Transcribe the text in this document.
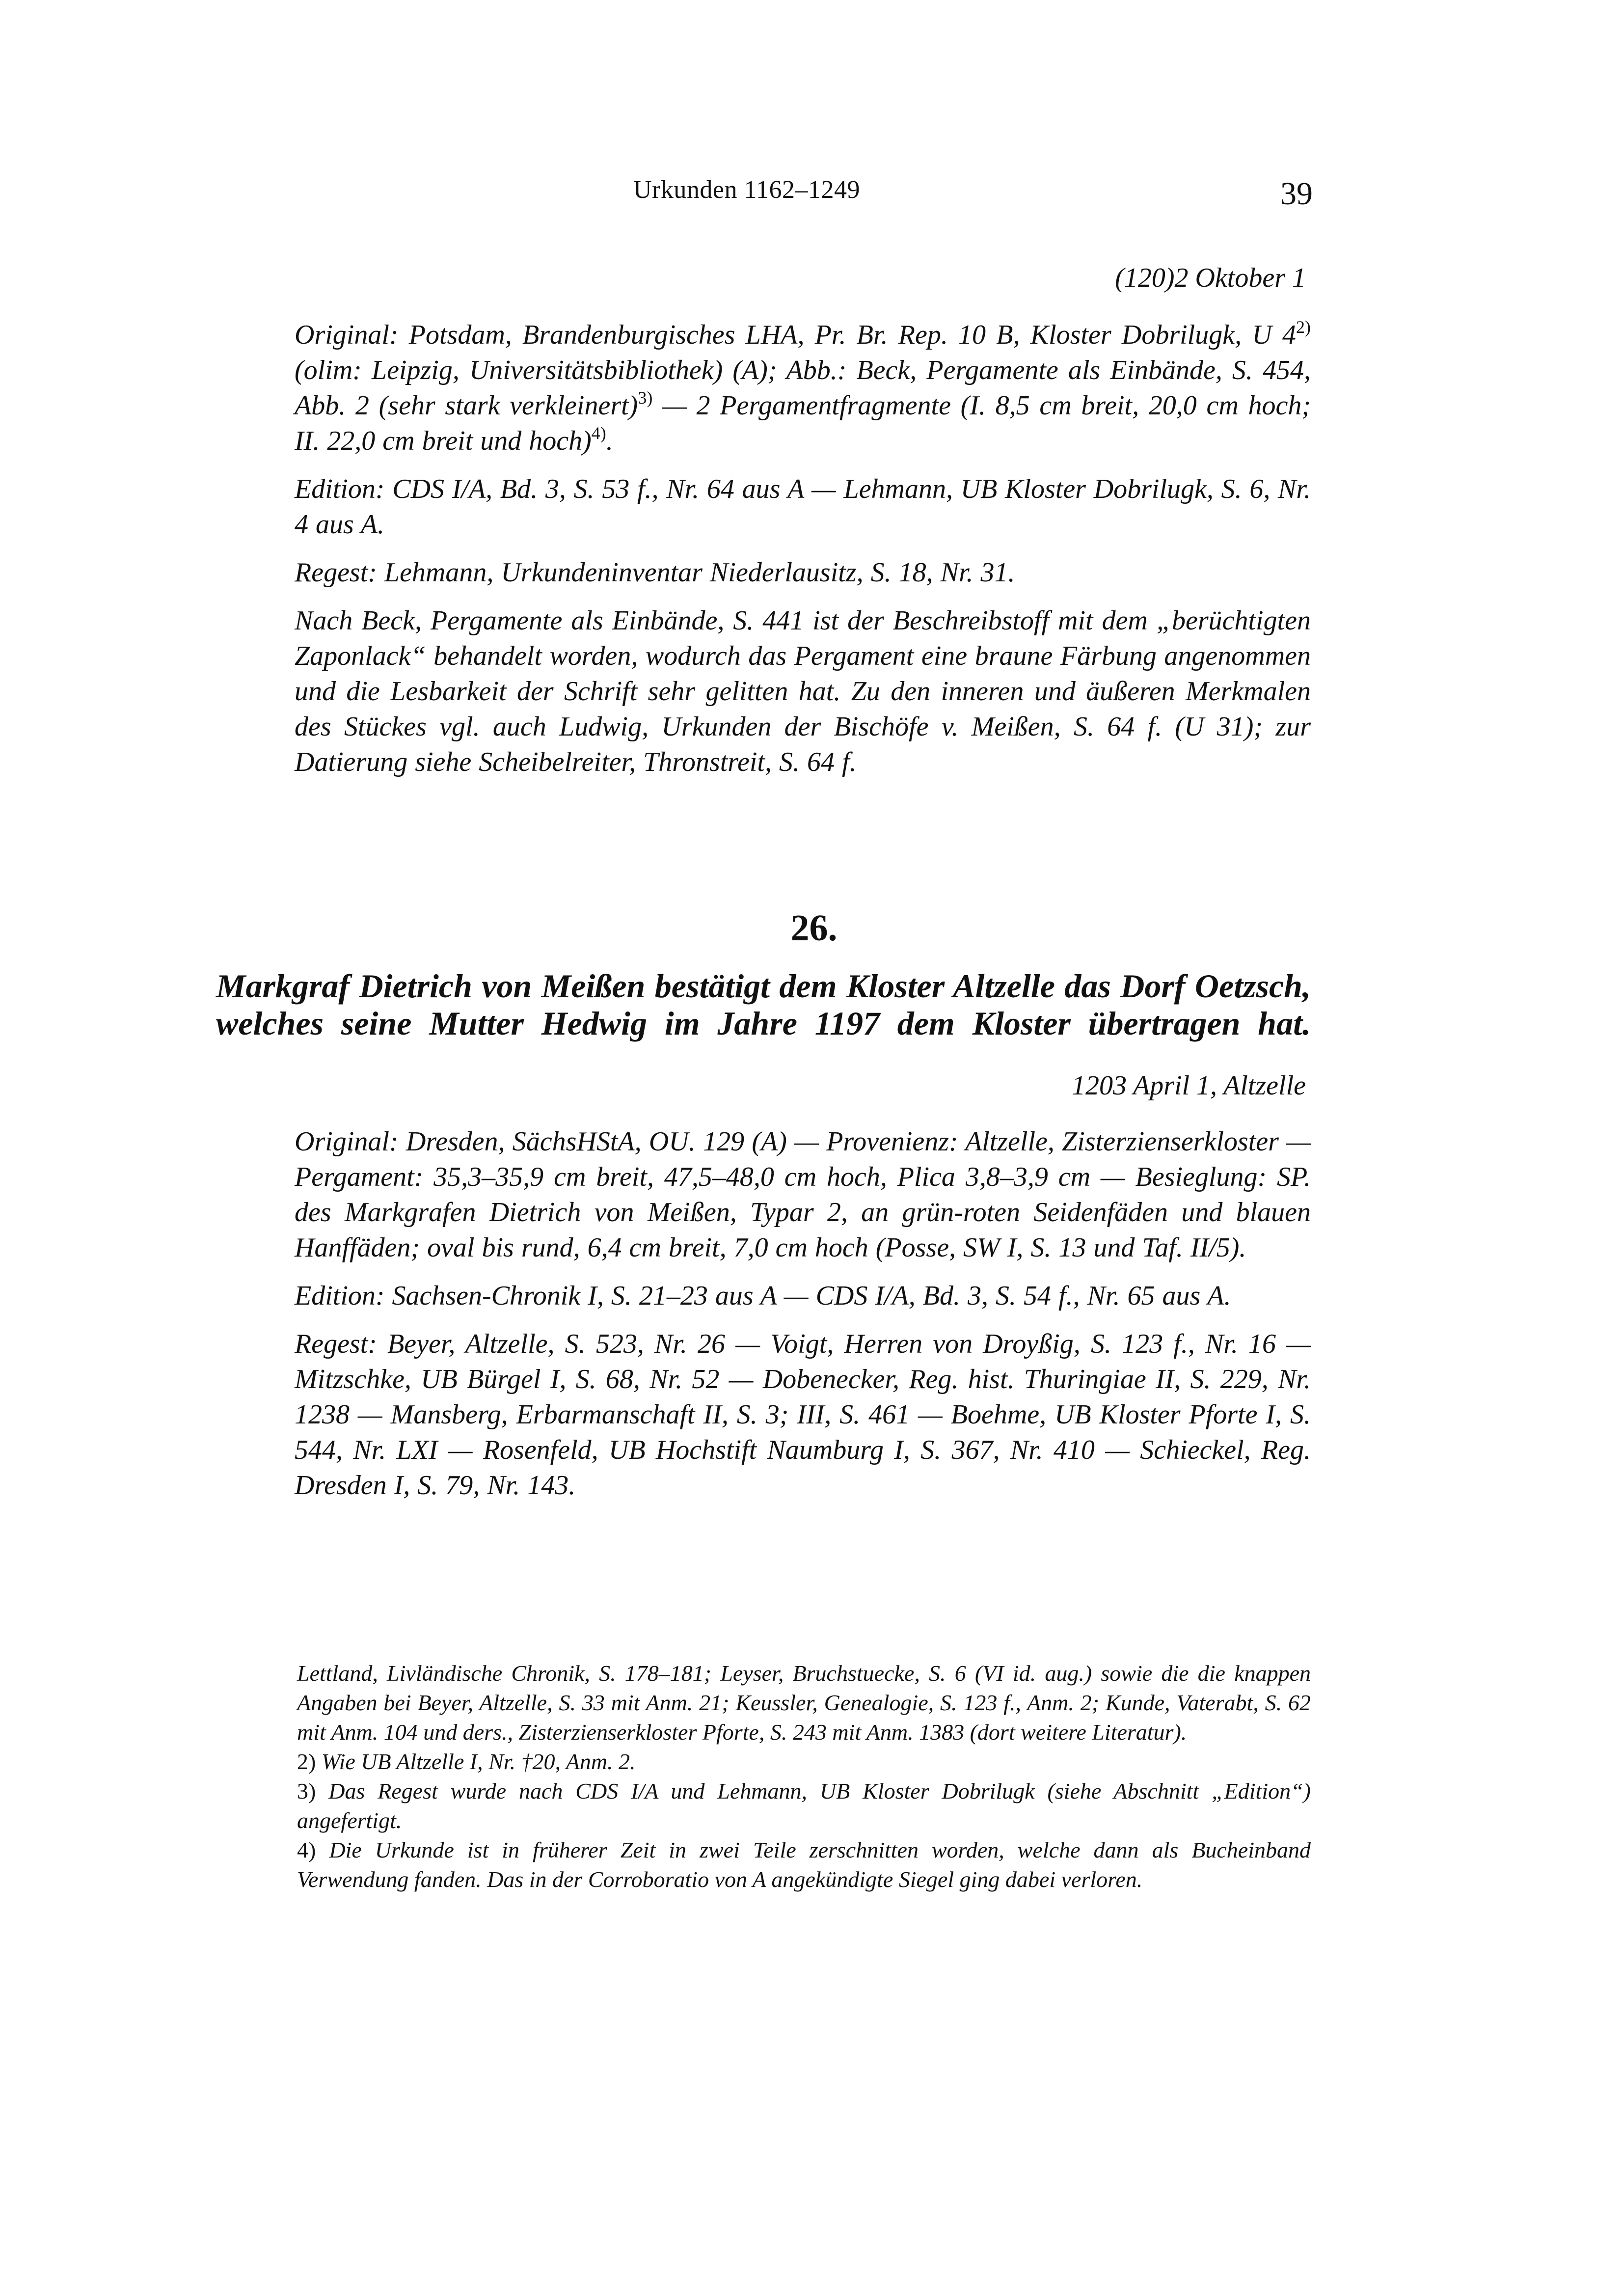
Urkunden 1162–1249	39
(120)2 Oktober 1

Original: Potsdam, Brandenburgisches LHA, Pr. Br. Rep. 10 B, Kloster Dobrilugk, U 4$^{2)}$ (olim: Leipzig, Universitätsbibliothek) (A); Abb.: Beck, Pergamente als Einbände, S. 454, Abb. 2 (sehr stark verkleinert)$^{3)}$ — 2 Pergamentfragmente (I. 8,5 cm breit, 20,0 cm hoch; II. 22,0 cm breit und hoch)$^{4)}$.

Edition: CDS I/A, Bd. 3, S. 53 f., Nr. 64 aus A — Lehmann, UB Kloster Dobrilugk, S. 6, Nr. 4 aus A.

Regest: Lehmann, Urkundeninventar Niederlausitz, S. 18, Nr. 31.

Nach Beck, Pergamente als Einbände, S. 441 ist der Beschreibstoff mit dem „berüchtigten Zaponlack“ behandelt worden, wodurch das Pergament eine braune Färbung angenommen und die Lesbarkeit der Schrift sehr gelitten hat. Zu den inneren und äußeren Merkmalen des Stückes vgl. auch Ludwig, Urkunden der Bischöfe v. Meißen, S. 64 f. (U 31); zur Datierung siehe Scheibelreiter, Thronstreit, S. 64 f.

26.
Markgraf Dietrich von Meißen bestätigt dem Kloster Altzelle das Dorf Oetzsch,
welches seine Mutter Hedwig im Jahre 1197 dem Kloster übertragen hat.
1203 April 1, Altzelle

Original: Dresden, SächsHStA, OU. 129 (A) — Provenienz: Altzelle, Zisterzienserkloster — Pergament: 35,3–35,9 cm breit, 47,5–48,0 cm hoch, Plica 3,8–3,9 cm — Besieglung: SP. des Markgrafen Dietrich von Meißen, Typar 2, an grün-roten Seidenfäden und blauen Hanffäden; oval bis rund, 6,4 cm breit, 7,0 cm hoch (Posse, SW I, S. 13 und Taf. II/5).

Edition: Sachsen-Chronik I, S. 21–23 aus A — CDS I/A, Bd. 3, S. 54 f., Nr. 65 aus A.

Regest: Beyer, Altzelle, S. 523, Nr. 26 — Voigt, Herren von Droyßig, S. 123 f., Nr. 16 — Mitzschke, UB Bürgel I, S. 68, Nr. 52 — Dobenecker, Reg. hist. Thuringiae II, S. 229, Nr. 1238 — Mansberg, Erbarmanschaft II, S. 3; III, S. 461 — Boehme, UB Kloster Pforte I, S. 544, Nr. LXI — Rosenfeld, UB Hochstift Naumburg I, S. 367, Nr. 410 — Schieckel, Reg. Dresden I, S. 79, Nr. 143.

Lettland, Livländische Chronik, S. 178–181; Leyser, Bruchstuecke, S. 6 (VI id. aug.) sowie die die knappen Angaben bei Beyer, Altzelle, S. 33 mit Anm. 21; Keussler, Genealogie, S. 123 f., Anm. 2; Kunde, Vaterabt, S. 62 mit Anm. 104 und ders., Zisterzienserkloster Pforte, S. 243 mit Anm. 1383 (dort weitere Literatur).

2) Wie UB Altzelle I, Nr. †20, Anm. 2.

3) Das Regest wurde nach CDS I/A und Lehmann, UB Kloster Dobrilugk (siehe Abschnitt „Edition“) angefertigt.

4) Die Urkunde ist in früherer Zeit in zwei Teile zerschnitten worden, welche dann als Bucheinband Verwendung fanden. Das in der Corroboratio von A angekündigte Siegel ging dabei verloren.
